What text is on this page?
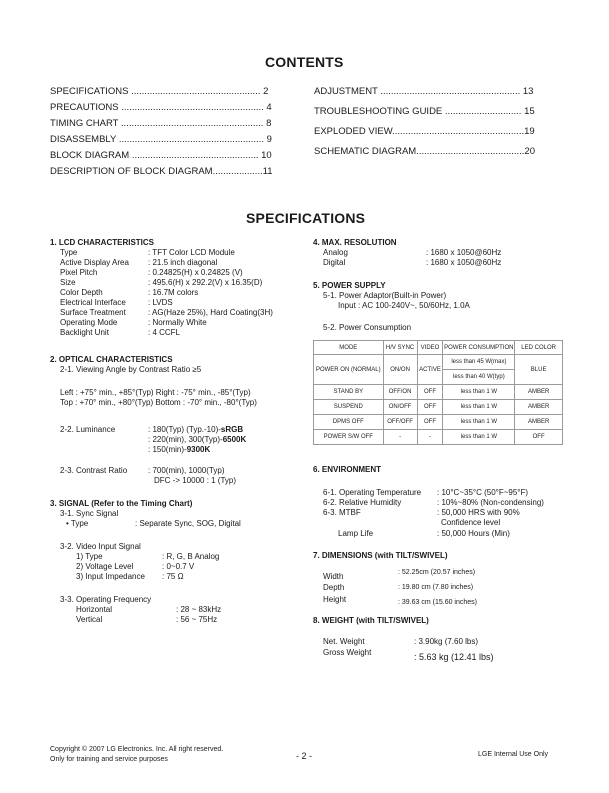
CONTENTS
SPECIFICATIONS ................................................. 2
PRECAUTIONS ...................................................... 4
TIMING CHART ...................................................... 8
DISASSEMBLY ....................................................... 9
BLOCK DIAGRAM ................................................ 10
DESCRIPTION OF BLOCK DIAGRAM...................11
ADJUSTMENT ..................................................... 13
TROUBLESHOOTING GUIDE ............................. 15
EXPLODED VIEW..................................................19
SCHEMATIC DIAGRAM.........................................20
SPECIFICATIONS
1. LCD CHARACTERISTICS
Type	: TFT Color LCD Module
Active Display Area : 21.5 inch diagonal
Pixel Pitch	: 0.24825(H) x 0.24825 (V)
Size	: 495.6(H) x 292.2(V) x 16.35(D)
Color Depth	: 16.7M colors
Electrical Interface	: LVDS
Surface Treatment	: AG(Haze 25%), Hard Coating(3H)
Operating Mode	: Normally White
Backlight Unit	: 4 CCFL
2. OPTICAL CHARACTERISTICS
2-1. Viewing Angle by Contrast Ratio ≥5
Left : +75° min., +85°(Typ) Right : -75° min., -85°(Typ)
Top : +70° min., +80°(Typ) Bottom : -70° min., -80°(Typ)
2-2. Luminance	: 180(Typ) (Typ.-10)-sRGB
: 220(min), 300(Typ)-6500K
: 150(min)-9300K
2-3. Contrast Ratio	: 700(min), 1000(Typ)
DFC -> 10000 : 1 (Typ)
3. SIGNAL (Refer to the Timing Chart)
3-1. Sync Signal
• Type	: Separate Sync, SOG, Digital
3-2. Video Input Signal
1) Type	: R, G, B Analog
2) Voltage Level	: 0~0.7 V
3) Input Impedance : 75 Ω
3-3. Operating Frequency
Horizontal	: 28 ~ 83kHz
Vertical	: 56 ~ 75Hz
4. MAX. RESOLUTION
Analog	: 1680 x 1050@60Hz
Digital	: 1680 x 1050@60Hz
5. POWER SUPPLY
5-1. Power Adaptor(Built-in Power)
Input : AC 100-240V~, 50/60Hz, 1.0A
5-2. Power Consumption
MODE	H/V SYNC	VIDEO	POWER CONSUMPTION	LED COLOR
POWER ON (NORMAL)	ON/ON	ACTIVE	less than 45 W(max)	BLUE
			less than 40 W(typ)	
STAND BY	OFF/ON	OFF	less than 1 W	AMBER
SUSPEND	ON/OFF	OFF	less than 1 W	AMBER
DPMS OFF	OFF/OFF	OFF	less than 1 W	AMBER
POWER S/W OFF	-	-	less than 1 W	OFF
6. ENVIRONMENT
6-1. Operating Temperature : 10°C~35°C (50°F~95°F)
6-2. Relative Humidity	: 10%~80% (Non-condensing)
6-3. MTBF	: 50,000 HRS with 90%
Confidence level
Lamp Life	: 50,000 Hours (Min)
7. DIMENSIONS (with TILT/SWIVEL)
Width	: 52.25cm (20.57 inches)
Depth	: 19.80 cm (7.80 inches)
Height	: 39.63 cm (15.60 inches)
8. WEIGHT (with TILT/SWIVEL)
Net. Weight	: 3.90kg (7.60 lbs)
Gross Weight	: 5.63 kg (12.41 lbs)
Copyright © 2007 LG Electronics. Inc. All right reserved.
Only for training and service purposes	- 2 -	LGE Internal Use Only
